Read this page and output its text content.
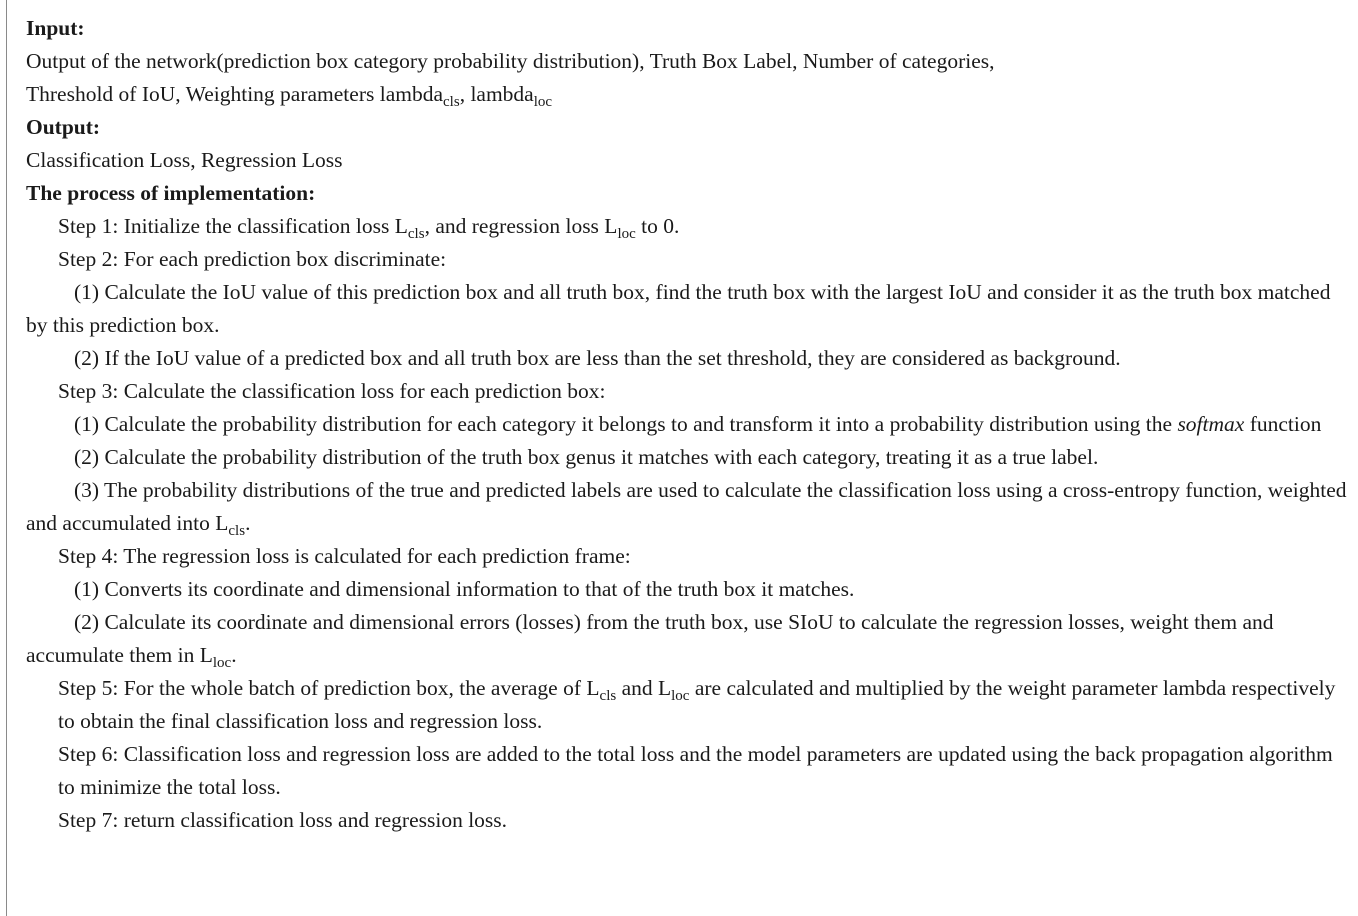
Input:

Output of the network(prediction box category probability distribution), Truth Box Label, Number of categories,

Threshold of IoU, Weighting parameters lambda$_{cls}$, lambda$_{loc}$

Output:

Classification Loss, Regression Loss

The process of implementation:

Step 1: Initialize the classification loss $L_{cls}$, and regression loss $L_{loc}$ to 0.

Step 2: For each prediction box discriminate:

(1) Calculate the IoU value of this prediction box and all truth box, find the truth box with the largest IoU and consider it as the truth box matched by this prediction box.

(2) If the IoU value of a predicted box and all truth box are less than the set threshold, they are considered as background.

Step 3: Calculate the classification loss for each prediction box:

(1) Calculate the probability distribution for each category it belongs to and transform it into a probability distribution using the softmax function

(2) Calculate the probability distribution of the truth box genus it matches with each category, treating it as a true label.

(3) The probability distributions of the true and predicted labels are used to calculate the classification loss using a cross-entropy function, weighted and accumulated into $L_{cls}$.

Step 4: The regression loss is calculated for each prediction frame:

(1) Converts its coordinate and dimensional information to that of the truth box it matches.

(2) Calculate its coordinate and dimensional errors (losses) from the truth box, use SIoU to calculate the regression losses, weight them and accumulate them in $L_{loc}$.

Step 5: For the whole batch of prediction box, the average of $L_{cls}$ and $L_{loc}$ are calculated and multiplied by the weight parameter lambda respectively to obtain the final classification loss and regression loss.

Step 6: Classification loss and regression loss are added to the total loss and the model parameters are updated using the back propagation algorithm to minimize the total loss.

Step 7: return classification loss and regression loss.
